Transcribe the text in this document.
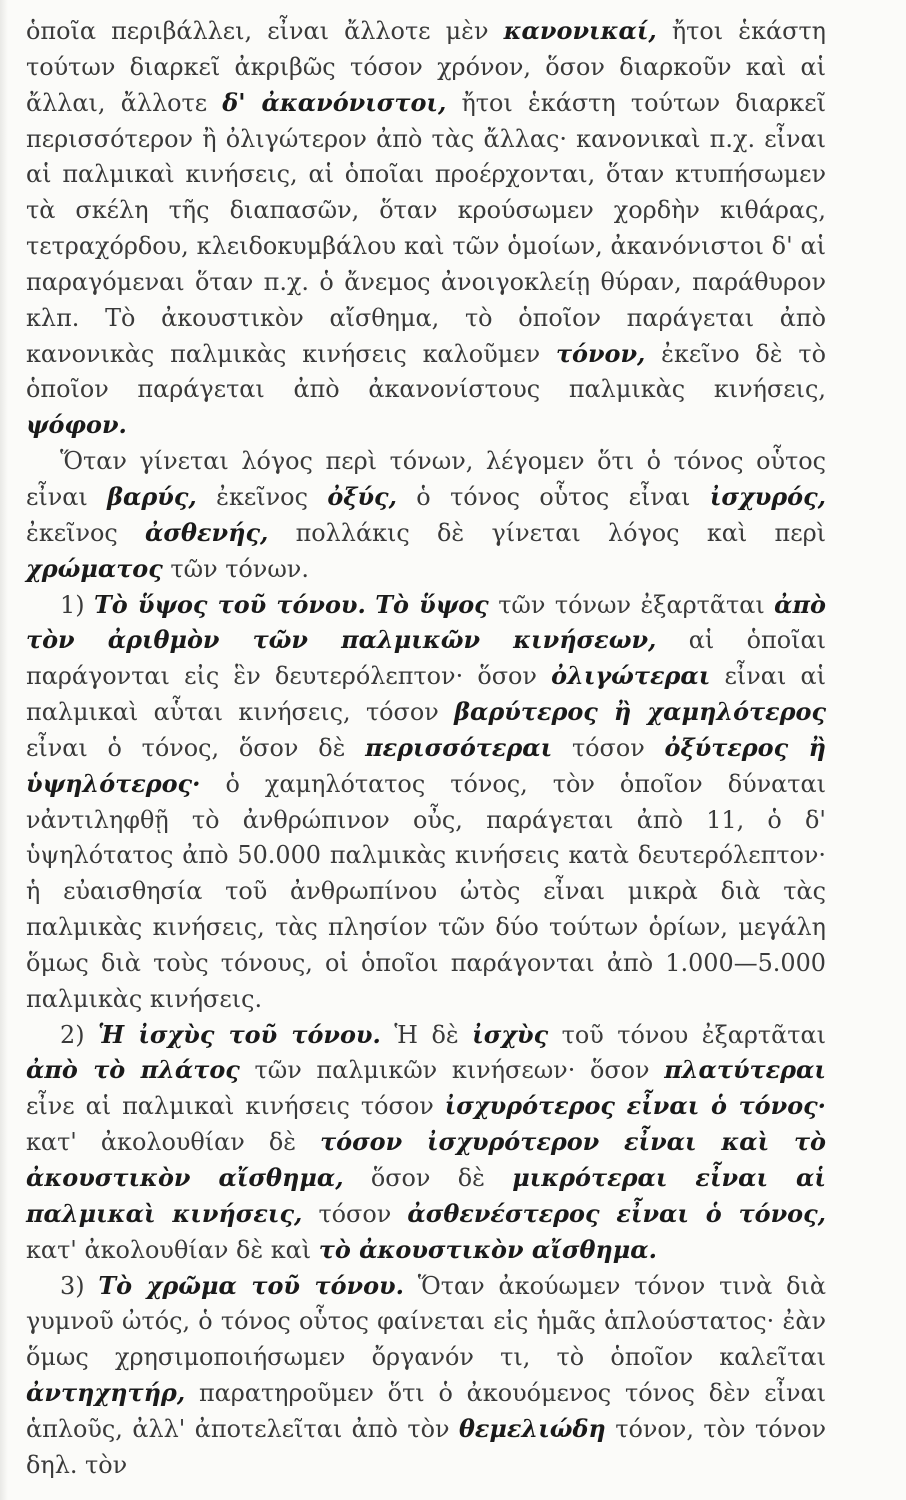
ὁποῖα περιβάλλει, εἶναι ἄλλοτε μὲν κανονικαί, ἤτοι ἑκάστη τούτων διαρκεῖ ἀκριβῶς τόσον χρόνον, ὅσον διαρκοῦν καὶ αἱ ἄλλαι, ἄλλοτε δ' ἀκανόνιστοι, ἤτοι ἑκάστη τούτων διαρκεῖ περισσότερον ἢ ὀλιγώτερον ἀπὸ τὰς ἄλλας· κανονικαὶ π.χ. εἶναι αἱ παλμικαὶ κινήσεις, αἱ ὁποῖαι προέρχονται, ὅταν κτυπήσωμεν τὰ σκέλη τῆς διαπασῶν, ὅταν κρούσωμεν χορδὴν κιθάρας, τετραχόρδου, κλειδοκυμβάλου καὶ τῶν ὁμοίων, ἀκανόνιστοι δ' αἱ παραγόμεναι ὅταν π.χ. ὁ ἄνεμος ἀνοιγοκλείῃ θύραν, παράθυρον κλπ. Τὸ ἀκουστικὸν αἴσθημα, τὸ ὁποῖον παράγεται ἀπὸ κανονικὰς παλμικὰς κινήσεις καλοῦμεν τόνον, ἐκεῖνο δὲ τὸ ὁποῖον παράγεται ἀπὸ ἀκανονίστους παλμικὰς κινήσεις, ψόφον.

Ὅταν γίνεται λόγος περὶ τόνων, λέγομεν ὅτι ὁ τόνος οὗτος εἶναι βαρύς, ἐκεῖνος ὀξύς, ὁ τόνος οὗτος εἶναι ἰσχυρός, ἐκεῖνος ἀσθενής, πολλάκις δὲ γίνεται λόγος καὶ περὶ χρώματος τῶν τόνων.

1) Τὸ ὕψος τοῦ τόνου. Τὸ ὕψος τῶν τόνων ἐξαρτᾶται ἀπὸ τὸν ἀριθμὸν τῶν παλμικῶν κινήσεων, αἱ ὁποῖαι παράγονται εἰς ἓν δευτερόλεπτον· ὅσον ὀλιγώτεραι εἶναι αἱ παλμικαὶ αὗται κινήσεις, τόσον βαρύτερος ἢ χαμηλότερος εἶναι ὁ τόνος, ὅσον δὲ περισσότεραι τόσον ὀξύτερος ἢ ὑψηλότερος· ὁ χαμηλότατος τόνος, τὸν ὁποῖον δύναται νἀντιληφθῇ τὸ ἀνθρώπινον οὖς, παράγεται ἀπὸ 11, ὁ δ' ὑψηλότατος ἀπὸ 50.000 παλμικὰς κινήσεις κατὰ δευτερόλεπτον· ἡ εὐαισθησία τοῦ ἀνθρωπίνου ὠτὸς εἶναι μικρὰ διὰ τὰς παλμικὰς κινήσεις, τὰς πλησίον τῶν δύο τούτων ὁρίων, μεγάλη ὅμως διὰ τοὺς τόνους, οἱ ὁποῖοι παράγονται ἀπὸ 1.000—5.000 παλμικὰς κινήσεις.

2) Ἡ ἰσχὺς τοῦ τόνου. Ἡ δὲ ἰσχὺς τοῦ τόνου ἐξαρτᾶται ἀπὸ τὸ πλάτος τῶν παλμικῶν κινήσεων· ὅσον πλατύτεραι εἶνε αἱ παλμικαὶ κινήσεις τόσον ἰσχυρότερος εἶναι ὁ τόνος· κατ' ἀκολουθίαν δὲ τόσον ἰσχυρότερον εἶναι καὶ τὸ ἀκουστικὸν αἴσθημα, ὅσον δὲ μικρότεραι εἶναι αἱ παλμικαὶ κινήσεις, τόσον ἀσθενέστερος εἶναι ὁ τόνος, κατ' ἀκολουθίαν δὲ καὶ τὸ ἀκουστικὸν αἴσθημα.

3) Τὸ χρῶμα τοῦ τόνου. Ὅταν ἀκούωμεν τόνον τινὰ διὰ γυμνοῦ ὠτός, ὁ τόνος οὗτος φαίνεται εἰς ἡμᾶς ἁπλούστατος· ἐὰν ὅμως χρησιμοποιήσωμεν ὄργανόν τι, τὸ ὁποῖον καλεῖται ἀντηχητήρ, παρατηροῦμεν ὅτι ὁ ἀκουόμενος τόνος δὲν εἶναι ἁπλοῦς, ἀλλ' ἀποτελεῖται ἀπὸ τὸν θεμελιώδη τόνον, τὸν τόνον δηλ. τὸν
